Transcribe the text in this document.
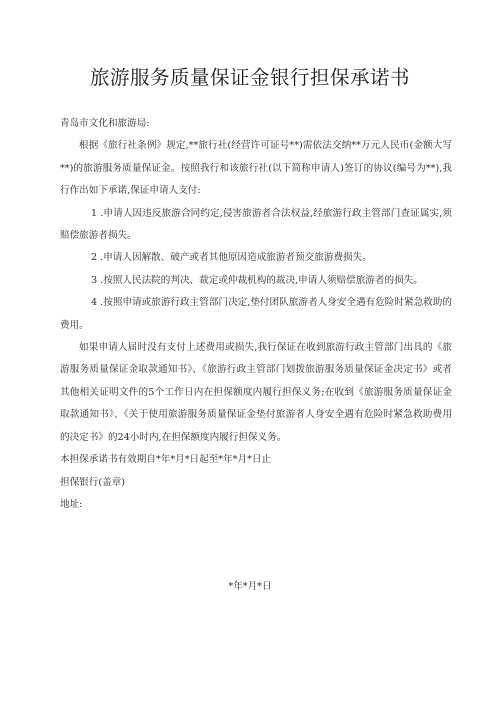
旅游服务质量保证金银行担保承诺书

青岛市文化和旅游局:

根据《旅行社条例》规定,**旅行社(经营许可证号**)需依法交纳**万元人民币(金额大写**)的旅游服务质量保证金。按照我行和该旅行社(以下简称申请人)签订的协议(编号为**),我行作出如下承诺,保证申请人支付:

1 .申请人因违反旅游合同约定,侵害旅游者合法权益,经旅游行政主管部门查证属实,须赔偿旅游者损失。

2 .申请人因解散、破产或者其他原因造成旅游者预交旅游费损失。

3 .按照人民法院的判决、裁定或仲裁机构的裁决,申请人须赔偿旅游者的损失。

4 .按照申请或旅游行政主管部门决定,垫付团队旅游者人身安全遇有危险时紧急救助的费用。

如果申请人届时没有支付上述费用或损失,我行保证在收到旅游行政主管部门出具的《旅游服务质量保证金取款通知书》、《旅游行政主管部门划拨旅游服务质量保证金决定书》或者其他相关证明文件的5个工作日内在担保额度内履行担保义务;在收到《旅游服务质量保证金取款通知书》、《关于使用旅游服务质量保证金垫付旅游者人身安全遇有危险时紧急救助费用的决定书》的24小时内,在担保额度内履行担保义务。

本担保承诺书有效期自*年*月*日起至*年*月*日止

担保银行(盖章)

地址:

*年*月*日
